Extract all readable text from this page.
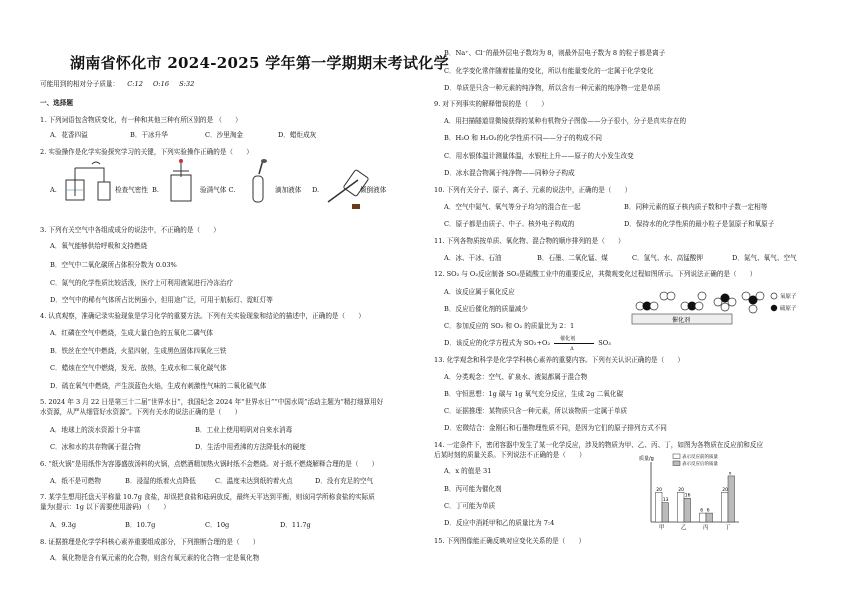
湖南省怀化市 2024-2025 学年第一学期期末考试化学
可能用到的相对分子质量： C:12 O:16 S:32
一、选择题
1. 下列词语包含物质变化，有一种和其他三种有所区别的是 （　　）
A．花香四溢	B．干冰升华	C．沙里淘金	D．蜡炬成灰
2. 实验操作是化学实验探究学习的关键，下列实验操作正确的是（　　）
A.	检查气密性 B.	验满气体 C.	滴加液体 D.	倾倒液体
3. 下列有关空气中各组成成分的说法中，不正确的是（　　）
A．氧气能够供给呼吸和支持燃烧
B．空气中二氧化碳所占体积分数为 0.03%
C．氮气的化学性质比较活泼，医疗上可利用液氮进行冷冻治疗
D．空气中的稀有气体所占比例虽小，但用途广泛，可用于航标灯、霓虹灯等
4. 认真观察，准确记录实验现象是学习化学的重要方法。下列有关实验现象和结论的描述中，正确的是（　　）
A．红磷在空气中燃烧，生成大量白色的五氧化二磷气体
B．铁丝在空气中燃烧，火星四射，生成黑色固体四氧化三铁
C．蜡烛在空气中燃烧，发光、放热，生成水和二氧化碳气体
D．硫在氧气中燃烧，产生淡蓝色火焰，生成有刺激性气味的二氧化硫气体
5. 2024 年 3 月 22 日是第三十二届“世界水日”，我国纪念 2024 年“世界水日”“中国水周”活动主题为“精打细算用好
水资源，从严从细管好水资源”。下列有关水的说法正确的是（　　）
A．地球上的淡水资源十分丰富	B．工业上使用明矾对自来水消毒
C．冰和水的共存物属于混合物	D．生活中用煮沸的方法降低水的硬度
6. “纸火锅”是用纸作为容器盛放汤料的火锅，点燃酒精加热火锅时纸不会燃烧。对于纸不燃烧解释合理的是（　　）
A．纸不是可燃物	B．浸湿的纸着火点降低	C．温度未达到纸的着火点	D．没有充足的空气
7. 某学生想用托盘天平称量 10.7g 食盐，却误把食盐和砝码放反，最终天平达到平衡，则该同学所称食盐的实际质
量为(提示：1g 以下需要使用游码) （　　）
A．9.3g	B．10.7g	C．10g	D．11.7g
8. 证据推理是化学学科核心素养重要组成部分，下列推断合理的是（　　）
A．氧化物是含有氧元素的化合物，则含有氧元素的化合物一定是氧化物
B．Na⁺、Cl⁻的最外层电子数均为 8，则最外层电子数为 8 的粒子都是离子
C．化学变化常伴随着能量的变化，所以有能量变化的一定属于化学变化
D．单质是只含一种元素的纯净物，所以含有一种元素的纯净物一定是单质
9. 对下列事实的解释错误的是（　　）
A．用扫描隧道显微镜获得的某种有机物分子图像——分子很小，分子是真实存在的
B．H₂O 和 H₂O₂的化学性质不同——分子的构成不同
C．用水银体温计测量体温，水银柱上升——原子的大小发生改变
D．冰水混合物属于纯净物——同种分子构成
10. 下列有关分子、原子、离子、元素的说法中，正确的是（　　）
A．空气中氮气、氧气等分子均匀的混合在一起	B．同种元素的原子核内质子数和中子数一定相等
C．原子都是由质子、中子、核外电子构成的	D．保持水的化学性质的最小粒子是氢原子和氧原子
11. 下列各物质按单质、氧化物、混合物的顺序排列的是（　　）
A．冰、干冰、石油	B．石墨、二氧化锰、煤	C．氢气、水、高锰酸钾	D．氮气、氧气、空气
12. SO₂ 与 O₂反应制备 SO₃是硫酸工业中的重要反应，其微观变化过程如图所示。下列说法正确的是（　　）
A．该反应属于氧化反应
B．反应后催化剂的质量减少
C．参加反应的 SO₂ 和 O₂ 的质量比为 2：1
D．该反应的化学方程式为 SO₂+O₂
催化剂
Δ
SO₃
催化剂
氧原子
硫原子
13. 化学观念和科学是化学学科核心素养的重要内容。下列有关认识正确的是（　　）
A．分类观念：空气、矿泉水、液氮都属于混合物
B．守恒思想：1g 碳与 1g 氧气充分反应，生成 2g 二氧化碳
C．证据推理：某物质只含一种元素，所以该物质一定属于单质
D．宏微结合：金刚石和石墨物理性质不同，是因为它们的原子排列方式不同
14. 一定条件下，密闭容器中发生了某一化学反应，涉及的物质为甲、乙、丙、丁，如图为各物质在反应前和反应
后某时刻的质量关系。下列说法不正确的是（　　）
A．x 的值是 31
B．丙可能为催化剂
C．丁可能为单质
D．反应中消耗甲和乙的质量比为 7:4
质量/g	表示反应前的质量
表示反应后的质量
20
13
甲
20
16
乙
6 6
丙
20
x
丁
15. 下列图像能正确反映对应变化关系的是（　　）
